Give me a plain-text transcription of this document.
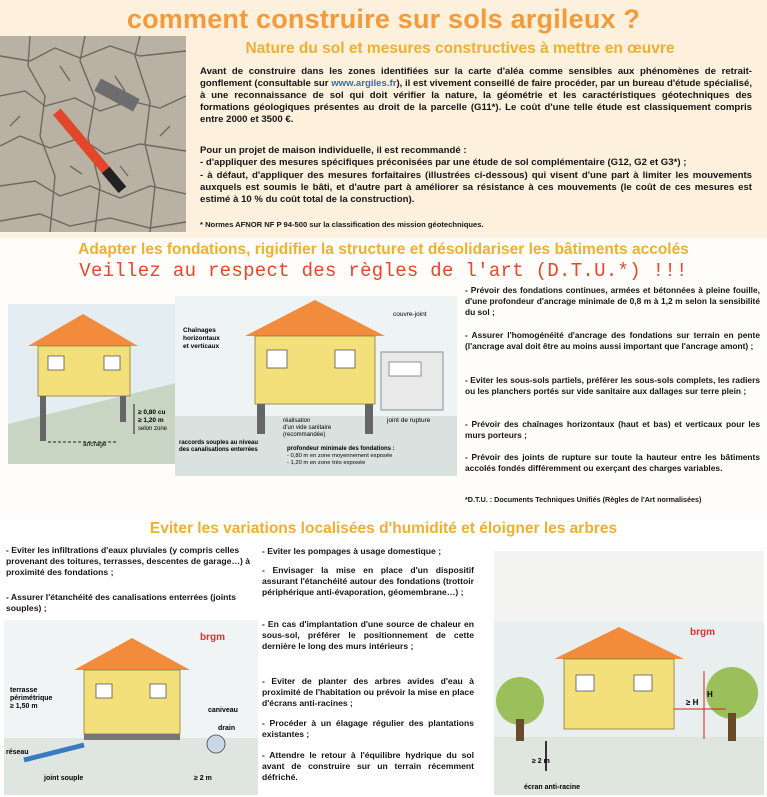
comment construire sur sols argileux ?
Nature du sol et mesures constructives à mettre en œuvre
Avant de construire dans les zones identifiées sur la carte d'aléa comme sensibles aux phénomènes de retrait-gonflement (consultable sur www.argiles.fr), il est vivement conseillé de faire procéder, par un bureau d'étude spécialisé, à une reconnaissance de sol qui doit vérifier la nature, la géométrie et les caractéristiques géotechniques des formations géologiques présentes au droit de la parcelle (G11*). Le coût d'une telle étude est classiquement compris entre 2000 et 3500 €.
Pour un projet de maison individuelle, il est recommandé :
- d'appliquer des mesures spécifiques préconisées par une étude de sol complémentaire (G12, G2 et G3*) ;
- à défaut, d'appliquer des mesures forfaitaires (illustrées ci-dessous) qui visent d'une part à limiter les mouvements auxquels est soumis le bâti, et d'autre part à améliorer sa résistance à ces mouvements (le coût de ces mesures est estimé à 10 % du coût total de la construction).
* Normes AFNOR NF P 94-500 sur la classification des mission géotechniques.
Adapter les fondations, rigidifier la structure et désolidariser les bâtiments accolés
Veillez au respect des règles de l'art (D.T.U.*) !!!
≥ 0,80 cu
≥ 1,20 m
selon zone
ancrage
Chaînages
horizontaux
et verticaux
couvre-joint
réalisation
d'un vide sanitaire
(recommandée)
joint de rupture
raccords souples au niveau
des canalisations enterrées	profondeur minimale des fondations :
- 0,80 m en zone moyennement exposée
- 1,20 m en zone très exposée
- Prévoir des fondations continues, armées et bétonnées à pleine fouille, d'une profondeur d'ancrage minimale de 0,8 m à 1,2 m selon la sensibilité du sol ;
- Assurer l'homogénéité d'ancrage des fondations sur terrain en pente (l'ancrage aval doit être au moins aussi important que l'ancrage amont) ;
- Eviter les sous-sols partiels, préférer les sous-sols complets, les radiers ou les planchers portés sur vide sanitaire aux dallages sur terre plein ;
- Prévoir des chaînages horizontaux (haut et bas) et verticaux pour les murs porteurs ;
- Prévoir des joints de rupture sur toute la hauteur entre les bâtiments accolés fondés différemment ou exerçant des charges variables.
*D.T.U. : Documents Techniques Unifiés (Règles de l'Art normalisées)
Eviter les variations localisées d'humidité et éloigner les arbres
- Eviter les infiltrations d'eaux pluviales (y compris celles provenant des toitures, terrasses, descentes de garage…) à proximité des fondations ;
- Assurer l'étanchéité des canalisations enterrées (joints souples) ;
- Eviter les pompages à usage domestique ;
- Envisager la mise en place d'un dispositif assurant l'étanchéité autour des fondations (trottoir périphérique anti-évaporation, géomembrane…) ;
- En cas d'implantation d'une source de chaleur en sous-sol, préférer le positionnement de cette dernière le long des murs intérieurs ;
- Eviter de planter des arbres avides d'eau à proximité de l'habitation ou prévoir la mise en place d'écrans anti-racines ;
- Procéder à un élagage régulier des plantations existantes ;
- Attendre le retour à l'équilibre hydrique du sol avant de construire sur un terrain récemment défriché.
brgm
terrasse
périmétrique
≥ 1,50 m
caniveau
drain
réseau
joint souple	≥ 2 m
brgm
H
≥ H
≥ 2 m
écran anti-racine
